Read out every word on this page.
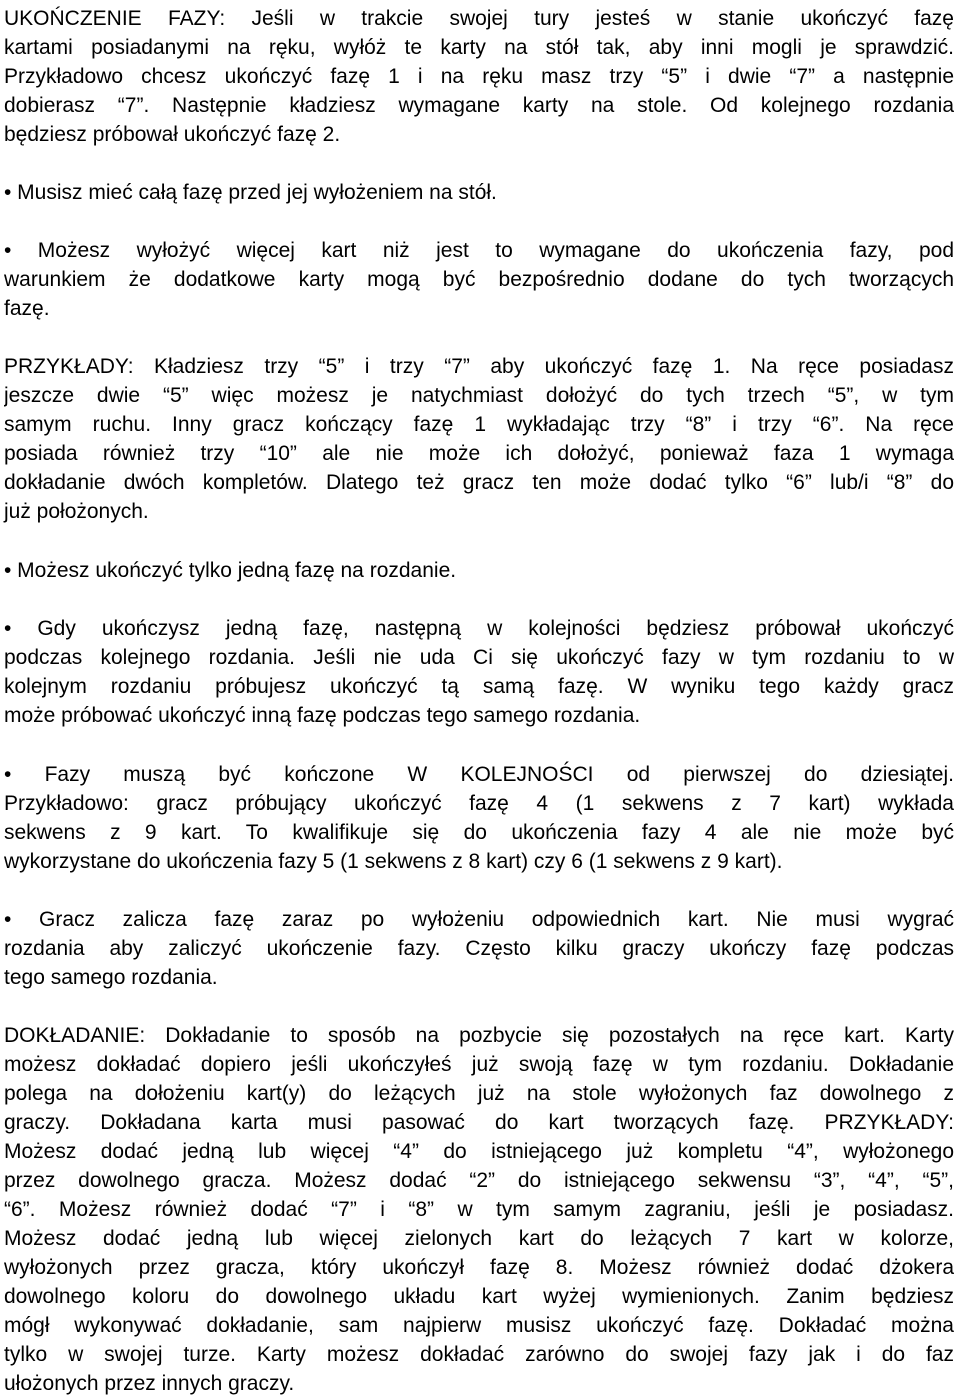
UKOŃCZENIE FAZY: Jeśli w trakcie swojej tury jesteś w stanie ukończyć fazę
kartami posiadanymi na ręku, wyłóż te karty na stół tak, aby inni mogli je sprawdzić.
Przykładowo chcesz ukończyć fazę 1 i na ręku masz trzy “5” i dwie “7” a następnie
dobierasz “7”. Następnie kładziesz wymagane karty na stole. Od kolejnego rozdania
będziesz próbował ukończyć fazę 2.
• Musisz mieć całą fazę przed jej wyłożeniem na stół.
• Możesz wyłożyć więcej kart niż jest to wymagane do ukończenia fazy, pod
warunkiem że dodatkowe karty mogą być bezpośrednio dodane do tych tworzących
fazę.
PRZYKŁADY: Kładziesz trzy “5” i trzy “7” aby ukończyć fazę 1. Na ręce posiadasz
jeszcze dwie “5” więc możesz je natychmiast dołożyć do tych trzech “5”, w tym
samym ruchu. Inny gracz kończący fazę 1 wykładając trzy “8” i trzy “6”. Na ręce
posiada również trzy “10” ale nie może ich dołożyć, ponieważ faza 1 wymaga
dokładanie dwóch kompletów. Dlatego też gracz ten może dodać tylko “6” lub/i “8” do
już położonych.
• Możesz ukończyć tylko jedną fazę na rozdanie.
• Gdy ukończysz jedną fazę, następną w kolejności będziesz próbował ukończyć
podczas kolejnego rozdania. Jeśli nie uda Ci się ukończyć fazy w tym rozdaniu to w
kolejnym rozdaniu próbujesz ukończyć tą samą fazę. W wyniku tego każdy gracz
może próbować ukończyć inną fazę podczas tego samego rozdania.
• Fazy muszą być kończone W KOLEJNOŚCI od pierwszej do dziesiątej.
Przykładowo: gracz próbujący ukończyć fazę 4 (1 sekwens z 7 kart) wykłada
sekwens z 9 kart. To kwalifikuje się do ukończenia fazy 4 ale nie może być
wykorzystane do ukończenia fazy 5 (1 sekwens z 8 kart) czy 6 (1 sekwens z 9 kart).
• Gracz zalicza fazę zaraz po wyłożeniu odpowiednich kart. Nie musi wygrać
rozdania aby zaliczyć ukończenie fazy. Często kilku graczy ukończy fazę podczas
tego samego rozdania.
DOKŁADANIE: Dokładanie to sposób na pozbycie się pozostałych na ręce kart. Karty
możesz dokładać dopiero jeśli ukończyłeś już swoją fazę w tym rozdaniu. Dokładanie
polega na dołożeniu kart(y) do leżących już na stole wyłożonych faz dowolnego z
graczy. Dokładana karta musi pasować do kart tworzących fazę. PRZYKŁADY:
Możesz dodać jedną lub więcej “4” do istniejącego już kompletu “4”, wyłożonego
przez dowolnego gracza. Możesz dodać “2” do istniejącego sekwensu “3”, “4”, “5”,
“6”. Możesz również dodać “7” i “8” w tym samym zagraniu, jeśli je posiadasz.
Możesz dodać jedną lub więcej zielonych kart do leżących 7 kart w kolorze,
wyłożonych przez gracza, który ukończył fazę 8. Możesz również dodać dżokera
dowolnego koloru do dowolnego układu kart wyżej wymienionych. Zanim będziesz
mógł wykonywać dokładanie, sam najpierw musisz ukończyć fazę. Dokładać można
tylko w swojej turze. Karty możesz dokładać zarówno do swojej fazy jak i do faz
ułożonych przez innych graczy.
